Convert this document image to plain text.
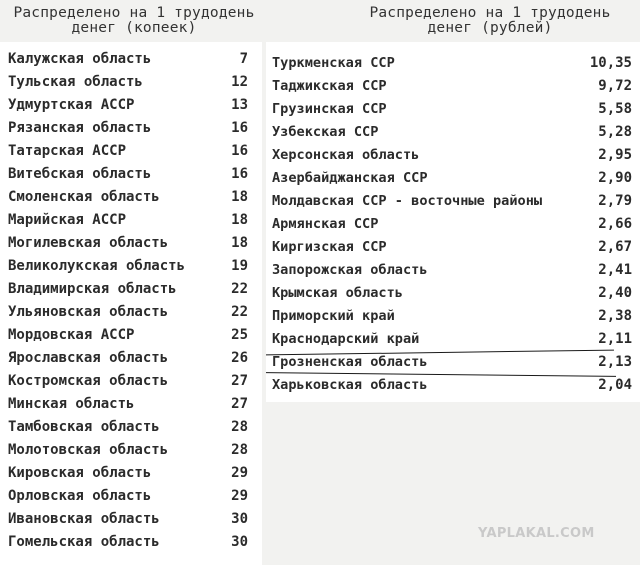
Распределено на 1 трудодень
денег (копеек)
Распределено на 1 трудодень
денег (рублей)
Калужская область	7
Тульская область	12
Удмуртская АССР	13
Рязанская область	16
Татарская АССР	16
Витебская область	16
Смоленская область	18
Марийская АССР	18
Могилевская область	18
Великолукская область	19
Владимирская область	22
Ульяновская область	22
Мордовская АССР	25
Ярославская область	26
Костромская область	27
Минская область	27
Тамбовская область	28
Молотовская область	28
Кировская область	29
Орловская область	29
Ивановская область	30
Гомельская область	30
Туркменская ССР	10,35
Таджикская ССР	9,72
Грузинская ССР	5,58
Узбекская ССР	5,28
Херсонская область	2,95
Азербайджанская ССР	2,90
Молдавская ССР - восточные районы	2,79
Армянская ССР	2,66
Киргизская ССР	2,67
Запорожская область	2,41
Крымская область	2,40
Приморский край	2,38
Краснодарский край	2,11
Грозненская область	2,13
Харьковская область	2,04
YAPLAKAL.COM
